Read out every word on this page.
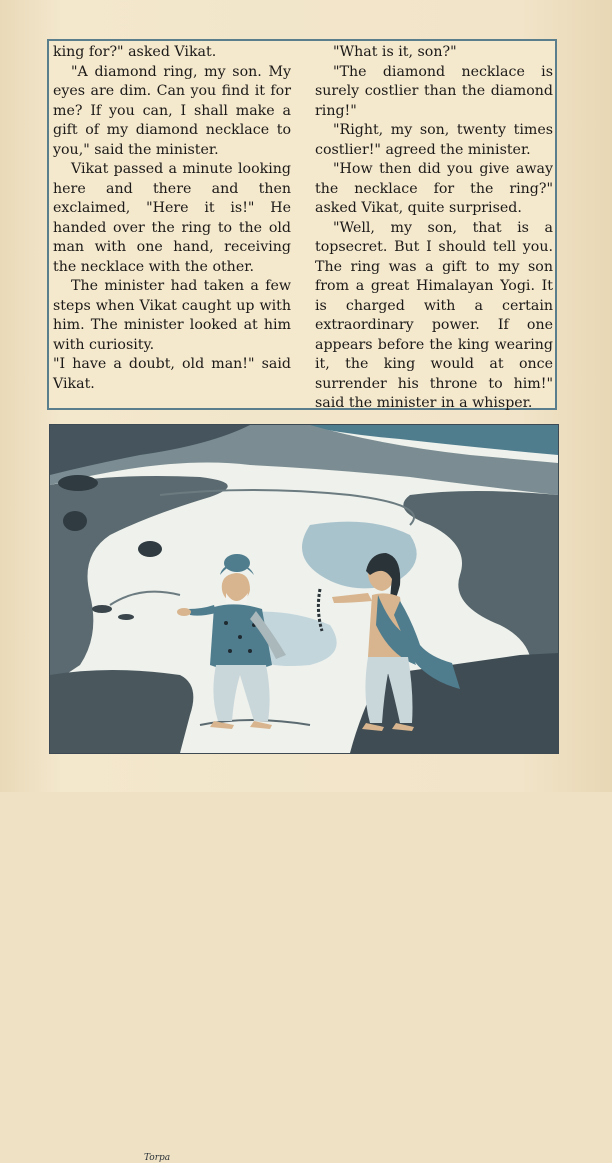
king for?" asked Vikat.

"A diamond ring, my son. My eyes are dim. Can you find it for me? If you can, I shall make a gift of my diamond necklace to you," said the minister.

Vikat passed a minute looking here and there and then exclaimed, "Here it is!" He handed over the ring to the old man with one hand, receiving the necklace with the other.

The minister had taken a few steps when Vikat caught up with him. The minister looked at him with curiosity.

"I have a doubt, old man!" said Vikat.

"What is it, son?"

"The diamond necklace is surely costlier than the diamond ring!"

"Right, my son, twenty times costlier!" agreed the minister.

"How then did you give away the necklace for the ring?" asked Vikat, quite surprised.

"Well, my son, that is a topsecret. But I should tell you. The ring was a gift to my son from a great Himalayan Yogi. It is charged with a certain extraordinary power. If one appears before the king wearing it, the king would at once surrender his throne to him!" said the minister in a whisper.

Torpa
